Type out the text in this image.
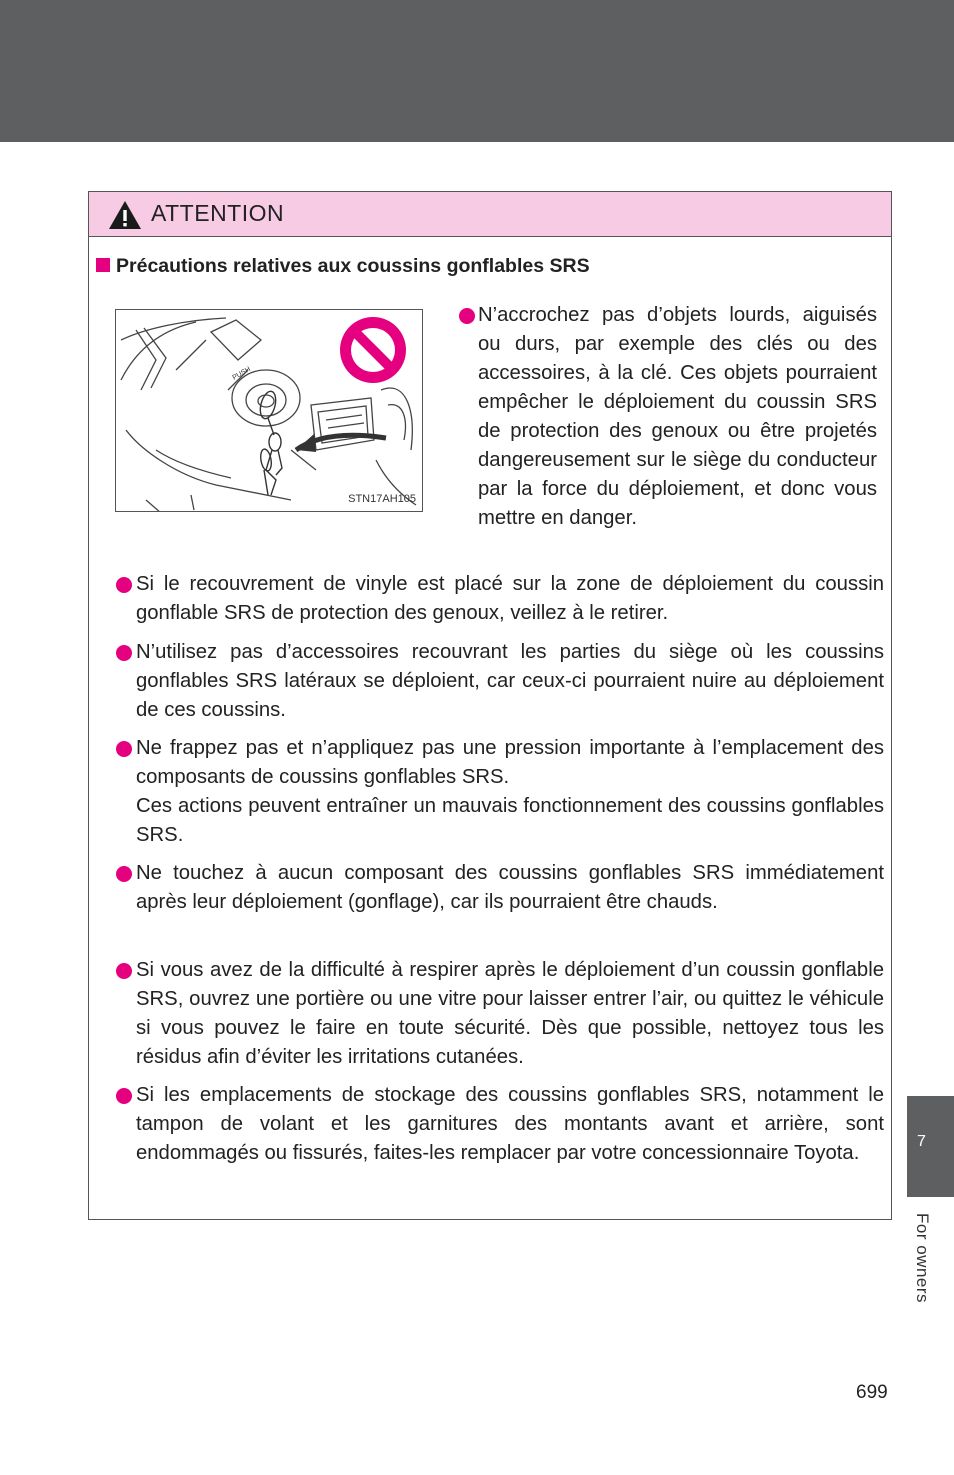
ATTENTION
Précautions relatives aux coussins gonflables SRS
PUSH
STN17AH105

N’accrochez pas d’objets lourds, aiguisés ou durs, par exemple des clés ou des accessoires, à la clé. Ces objets pourraient empêcher le déploiement du coussin SRS de protection des genoux ou être projetés dangereusement sur le siège du conducteur par la force du déploiement, et donc vous mettre en danger.

Si le recouvrement de vinyle est placé sur la zone de déploiement du coussin gonflable SRS de protection des genoux, veillez à le retirer.

N’utilisez pas d’accessoires recouvrant les parties du siège où les coussins gonflables SRS latéraux se déploient, car ceux-ci pourraient nuire au déploiement de ces coussins.

Ne frappez pas et n’appliquez pas une pression importante à l’emplacement des composants de coussins gonflables SRS.

Ces actions peuvent entraîner un mauvais fonctionnement des coussins gonflables SRS.

Ne touchez à aucun composant des coussins gonflables SRS immédiatement après leur déploiement (gonflage), car ils pourraient être chauds.

Si vous avez de la difficulté à respirer après le déploiement d’un coussin gonflable SRS, ouvrez une portière ou une vitre pour laisser entrer l’air, ou quittez le véhicule si vous pouvez le faire en toute sécurité. Dès que possible, nettoyez tous les résidus afin d’éviter les irritations cutanées.

Si les emplacements de stockage des coussins gonflables SRS, notamment le tampon de volant et les garnitures des montants avant et arrière, sont endommagés ou fissurés, faites-les remplacer par votre concessionnaire Toyota.

7
For owners
699
